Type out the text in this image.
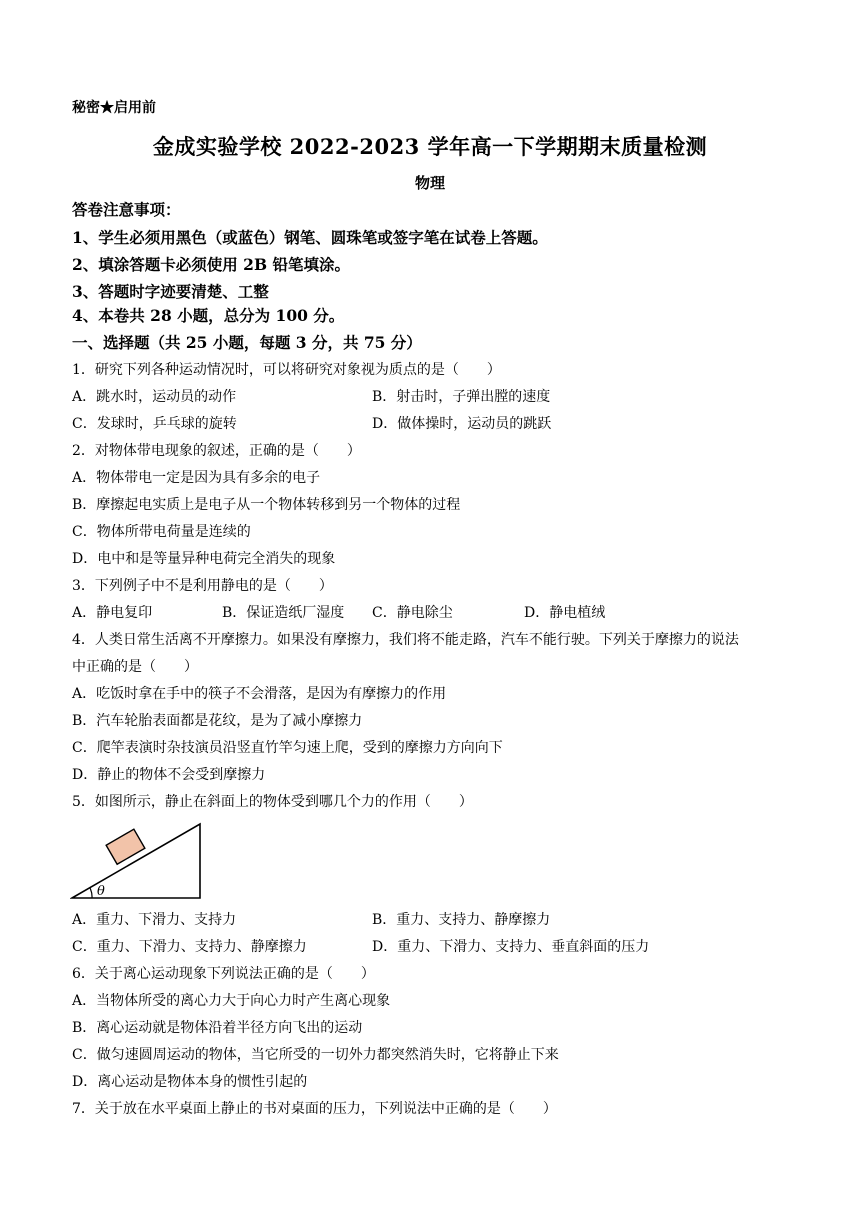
秘密★启用前
金成实验学校 2022-2023 学年高一下学期期末质量检测
物理
答卷注意事项：
1、学生必须用黑色（或蓝色）钢笔、圆珠笔或签字笔在试卷上答题。
2、填涂答题卡必须使用 2B 铅笔填涂。
3、答题时字迹要清楚、工整
4、本卷共 28 小题，总分为 100 分。
一、选择题（共 25 小题，每题 3 分，共 75 分）
1．研究下列各种运动情况时，可以将研究对象视为质点的是（　　）
A．跳水时，运动员的动作	B．射击时，子弹出膛的速度
C．发球时，乒乓球的旋转	D．做体操时，运动员的跳跃
2．对物体带电现象的叙述，正确的是（　　）
A．物体带电一定是因为具有多余的电子
B．摩擦起电实质上是电子从一个物体转移到另一个物体的过程
C．物体所带电荷量是连续的
D．电中和是等量异种电荷完全消失的现象
3．下列例子中不是利用静电的是（　　）
A．静电复印	B．保证造纸厂湿度 C．静电除尘	D．静电植绒
4．人类日常生活离不开摩擦力。如果没有摩擦力，我们将不能走路，汽车不能行驶。下列关于摩擦力的说法
中正确的是（　　）
A．吃饭时拿在手中的筷子不会滑落，是因为有摩擦力的作用
B．汽车轮胎表面都是花纹，是为了减小摩擦力
C．爬竿表演时杂技演员沿竖直竹竿匀速上爬，受到的摩擦力方向向下
D．静止的物体不会受到摩擦力
5．如图所示，静止在斜面上的物体受到哪几个力的作用（　　）
θ
A．重力、下滑力、支持力	B．重力、支持力、静摩擦力
C．重力、下滑力、支持力、静摩擦力	D．重力、下滑力、支持力、垂直斜面的压力
6．关于离心运动现象下列说法正确的是（　　）
A．当物体所受的离心力大于向心力时产生离心现象
B．离心运动就是物体沿着半径方向飞出的运动
C．做匀速圆周运动的物体，当它所受的一切外力都突然消失时，它将静止下来
D．离心运动是物体本身的惯性引起的
7．关于放在水平桌面上静止的书对桌面的压力，下列说法中正确的是（　　）
